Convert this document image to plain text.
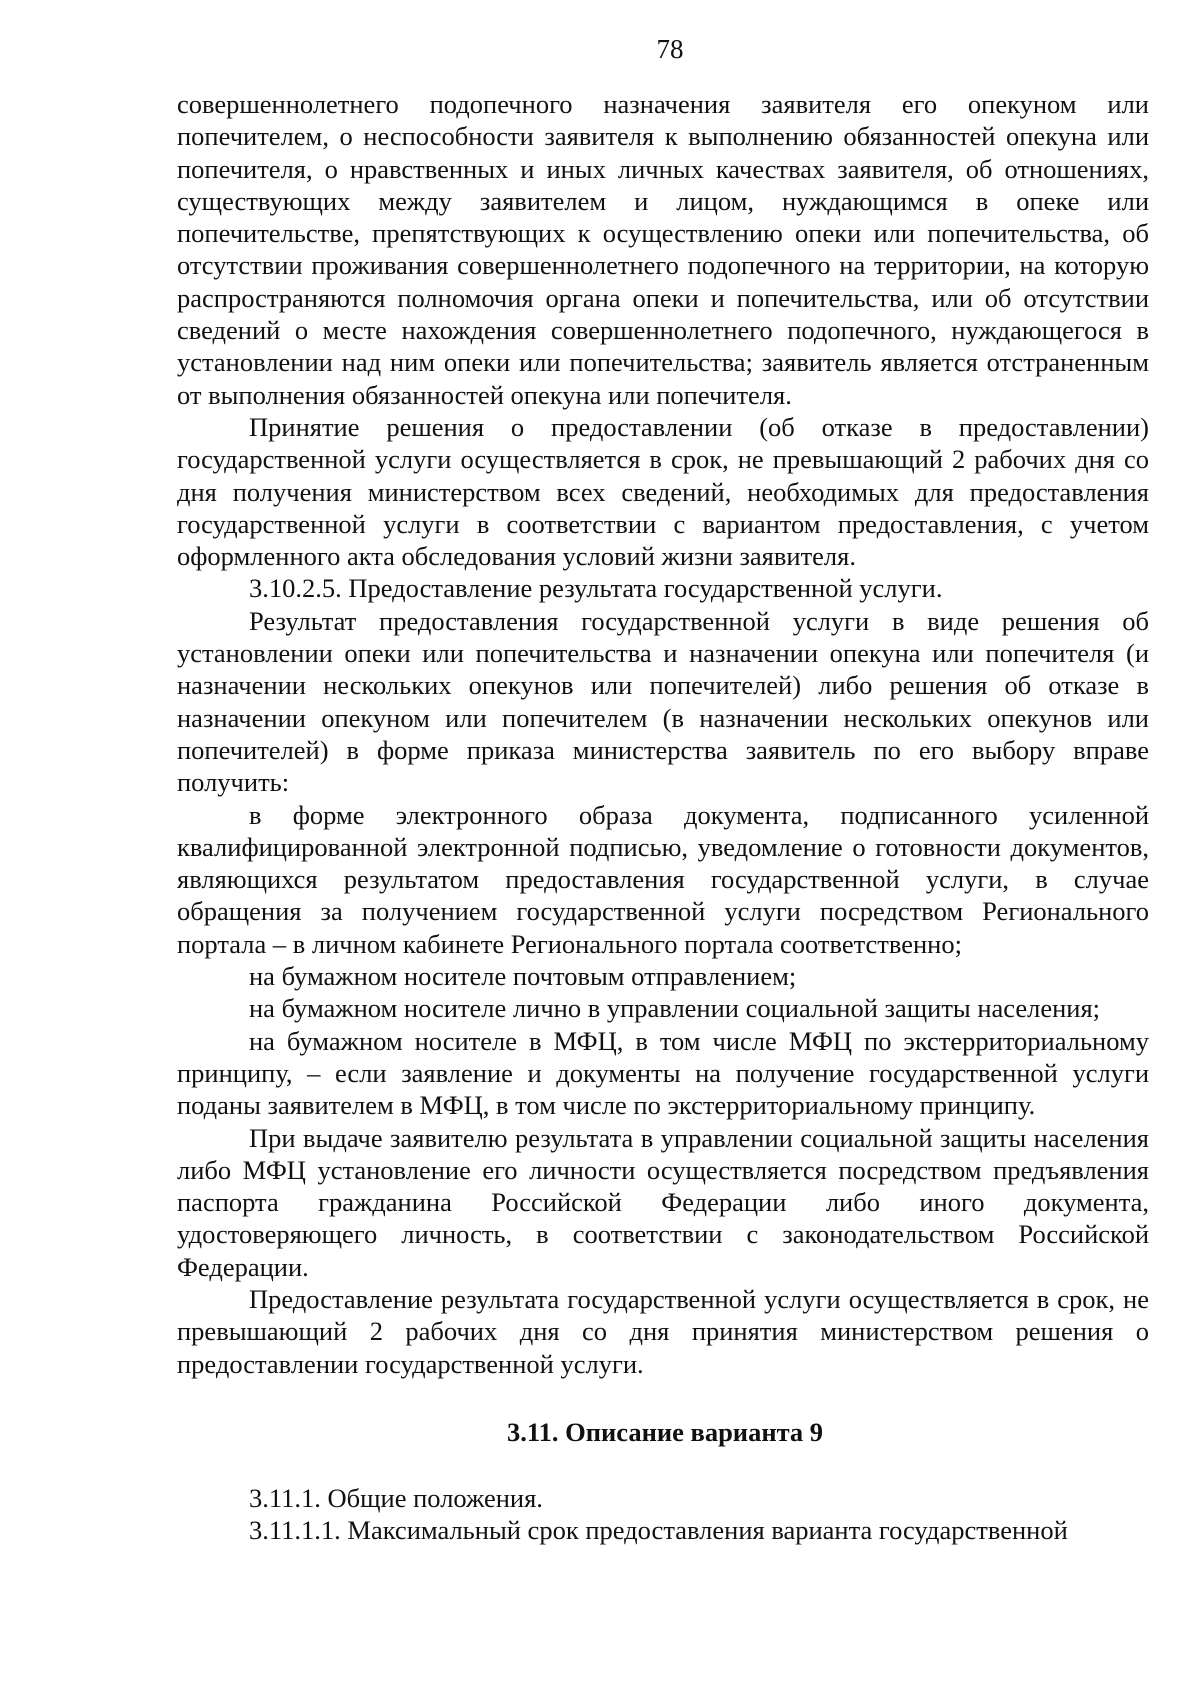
78

совершеннолетнего подопечного назначения заявителя его опекуном или попечителем, о неспособности заявителя к выполнению обязанностей опекуна или попечителя, о нравственных и иных личных качествах заявителя, об отношениях, существующих между заявителем и лицом, нуждающимся в опеке или попечительстве, препятствующих к осуществлению опеки или попечительства, об отсутствии проживания совершеннолетнего подопечного на территории, на которую распространяются полномочия органа опеки и попечительства, или об отсутствии сведений о месте нахождения совершеннолетнего подопечного, нуждающегося в установлении над ним опеки или попечительства; заявитель является отстраненным от выполнения обязанностей опекуна или попечителя.

Принятие решения о предоставлении (об отказе в предоставлении) государственной услуги осуществляется в срок, не превышающий 2 рабочих дня со дня получения министерством всех сведений, необходимых для предоставления государственной услуги в соответствии с вариантом предоставления, с учетом оформленного акта обследования условий жизни заявителя.

3.10.2.5. Предоставление результата государственной услуги.

Результат предоставления государственной услуги в виде решения об установлении опеки или попечительства и назначении опекуна или попечителя (и назначении нескольких опекунов или попечителей) либо решения об отказе в назначении опекуном или попечителем (в назначении нескольких опекунов или попечителей) в форме приказа министерства заявитель по его выбору вправе получить:

в форме электронного образа документа, подписанного усиленной квалифицированной электронной подписью, уведомление о готовности документов, являющихся результатом предоставления государственной услуги, в случае обращения за получением государственной услуги посредством Регионального портала – в личном кабинете Регионального портала соответственно;

на бумажном носителе почтовым отправлением;

на бумажном носителе лично в управлении социальной защиты населения;

на бумажном носителе в МФЦ, в том числе МФЦ по экстерриториальному принципу, – если заявление и документы на получение государственной услуги поданы заявителем в МФЦ, в том числе по экстерриториальному принципу.

При выдаче заявителю результата в управлении социальной защиты населения либо МФЦ установление его личности осуществляется посредством предъявления паспорта гражданина Российской Федерации либо иного документа, удостоверяющего личность, в соответствии с законодательством Российской Федерации.

Предоставление результата государственной услуги осуществляется в срок, не превышающий 2 рабочих дня со дня принятия министерством решения о предоставлении государственной услуги.

3.11. Описание варианта 9

3.11.1. Общие положения.

3.11.1.1. Максимальный срок предоставления варианта государственной
